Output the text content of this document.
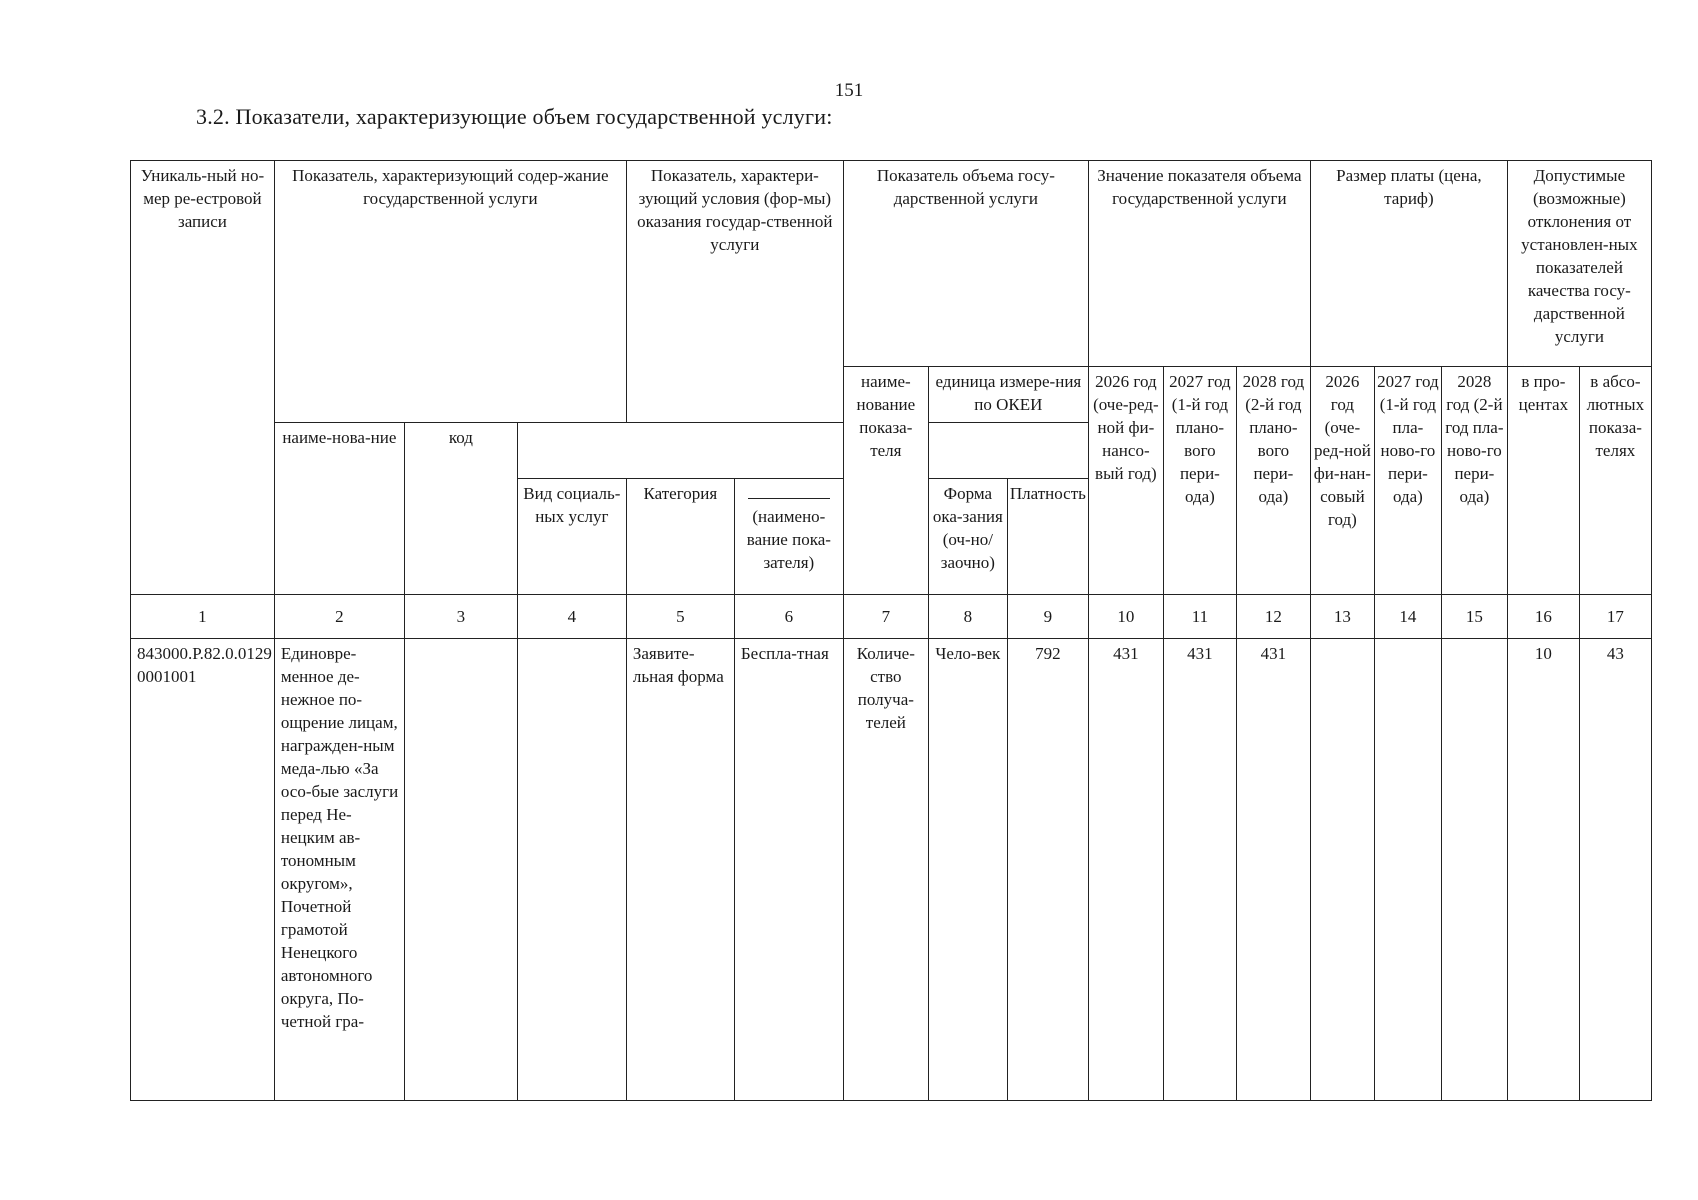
151
3.2. Показатели, характеризующие объем государственной услуги:
Уникаль-ный но-мер ре-естровой записи	Показатель, характеризующий содер-жание государственной услуги			Показатель, характери-зующий условия (фор-мы) оказания государ-ственной услуги		Показатель объема госу-дарственной услуги			Значение показателя объема государственной услуги			Размер платы (цена, тариф)			Допустимые (возможные) отклонения от установлен-ных показателей качества госу-дарственной услуги	
						наиме-нование показа-теля	единица измере-ния по ОКЕИ		2026 год (оче-ред-ной фи-нансо-вый год)	2027 год (1-й год плано-вого пери-ода)	2028 год (2-й год плано-вого пери-ода)	2026 год (оче-ред-ной фи-нан-совый год)	2027 год (1-й год пла-ново-го пери-ода)	2028 год (2-й год пла-ново-го пери-ода)	в про-центах	в абсо-лютных показа-телях
	наиме-нова-ние	код														
			Вид социаль-ных услуг	Категория	(наимено-вание пока-зателя)		Форма ока-зания (оч-но/заочно)	Платность								
1	2	3	4	5	6	7	8	9	10	11	12	13	14	15	16	17
843000.Р.82.0.0129 0001001	Единовре-менное де-нежное по-ощрение лицам, награжден-ным меда-лью «За осо-бые заслуги перед Не-нецким ав-тономным округом», Почетной грамотой Ненецкого автономного округа, По-четной гра-			Заявите-льная форма	Бесплa-тная	Количе-ство получа-телей	Чело-век	792	431	431	431				10	43
